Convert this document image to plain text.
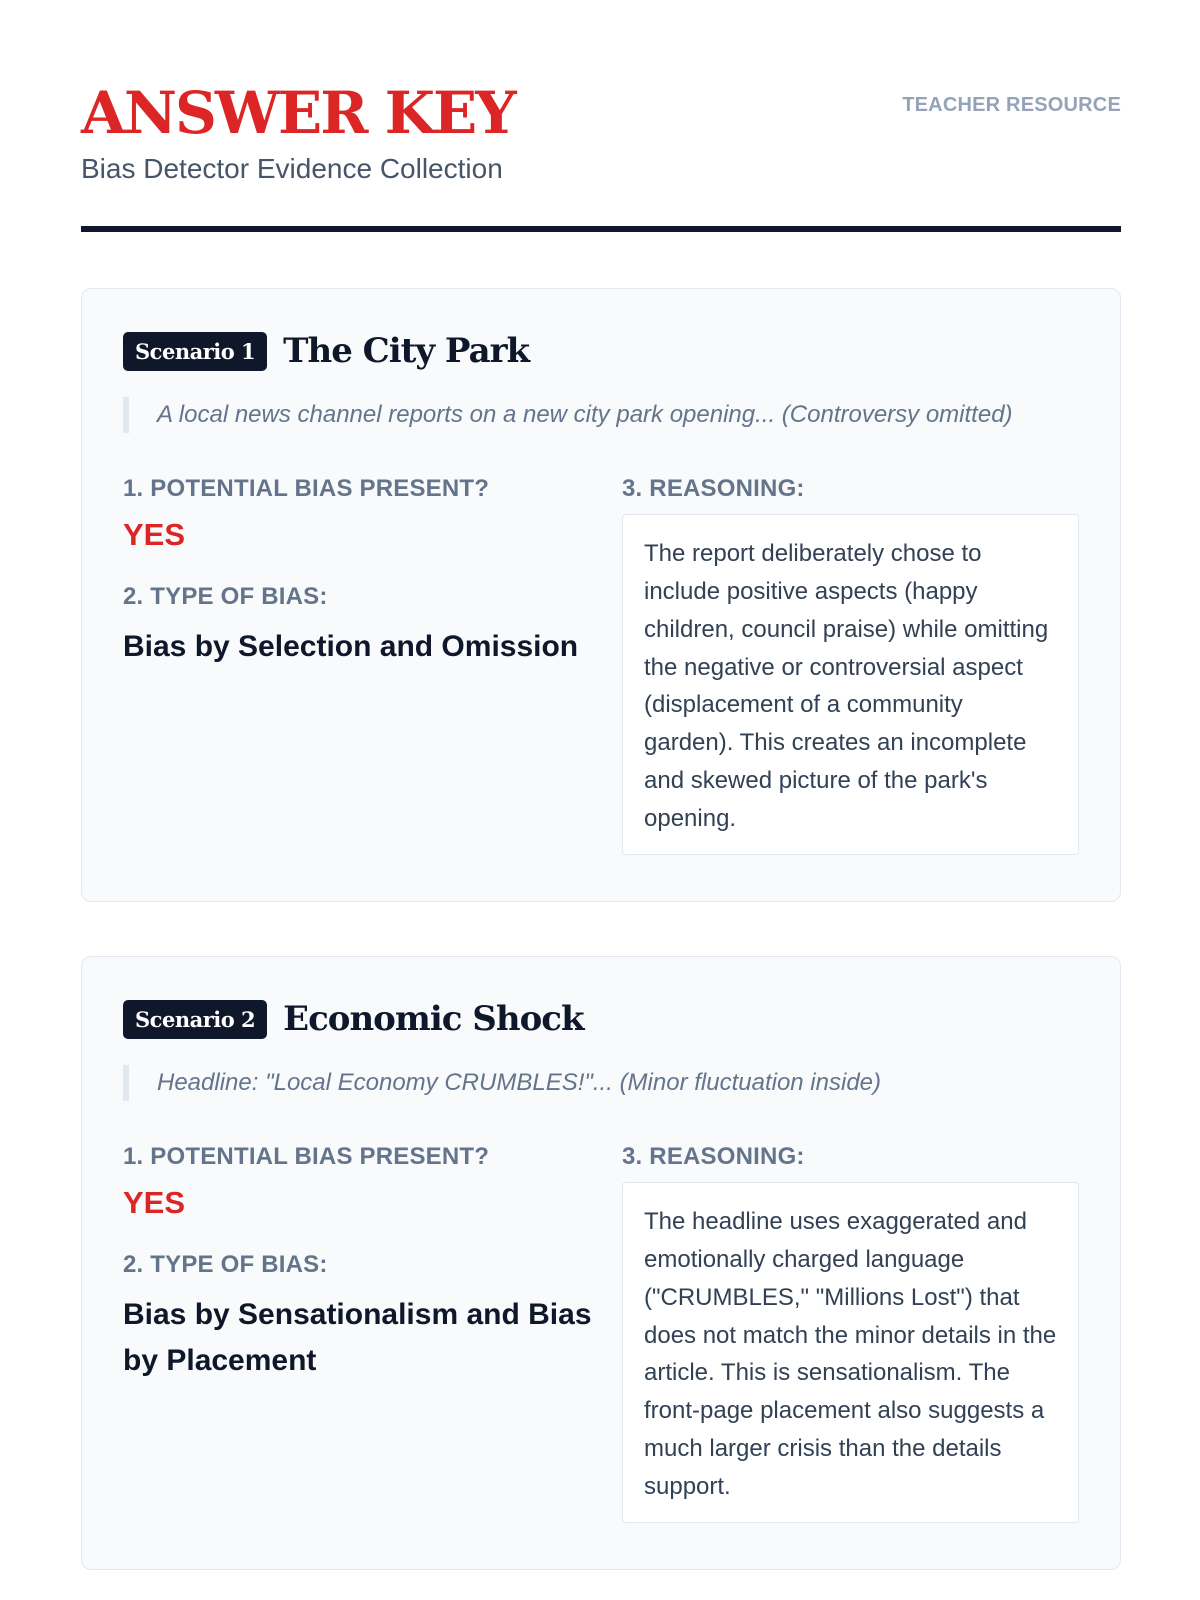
ANSWER KEY
Bias Detector Evidence Collection
TEACHER RESOURCE
Scenario 1 The City Park
A local news channel reports on a new city park opening... (Controversy omitted)
1. POTENTIAL BIAS PRESENT?
YES
2. TYPE OF BIAS:
Bias by Selection and Omission
3. REASONING:
The report deliberately chose to include positive aspects (happy children, council praise) while omitting the negative or controversial aspect (displacement of a community garden). This creates an incomplete and skewed picture of the park's opening.
Scenario 2 Economic Shock
Headline: "Local Economy CRUMBLES!"... (Minor fluctuation inside)
1. POTENTIAL BIAS PRESENT?
YES
2. TYPE OF BIAS:
Bias by Sensationalism and Bias by Placement
3. REASONING:
The headline uses exaggerated and emotionally charged language ("CRUMBLES," "Millions Lost") that does not match the minor details in the article. This is sensationalism. The front-page placement also suggests a much larger crisis than the details support.
